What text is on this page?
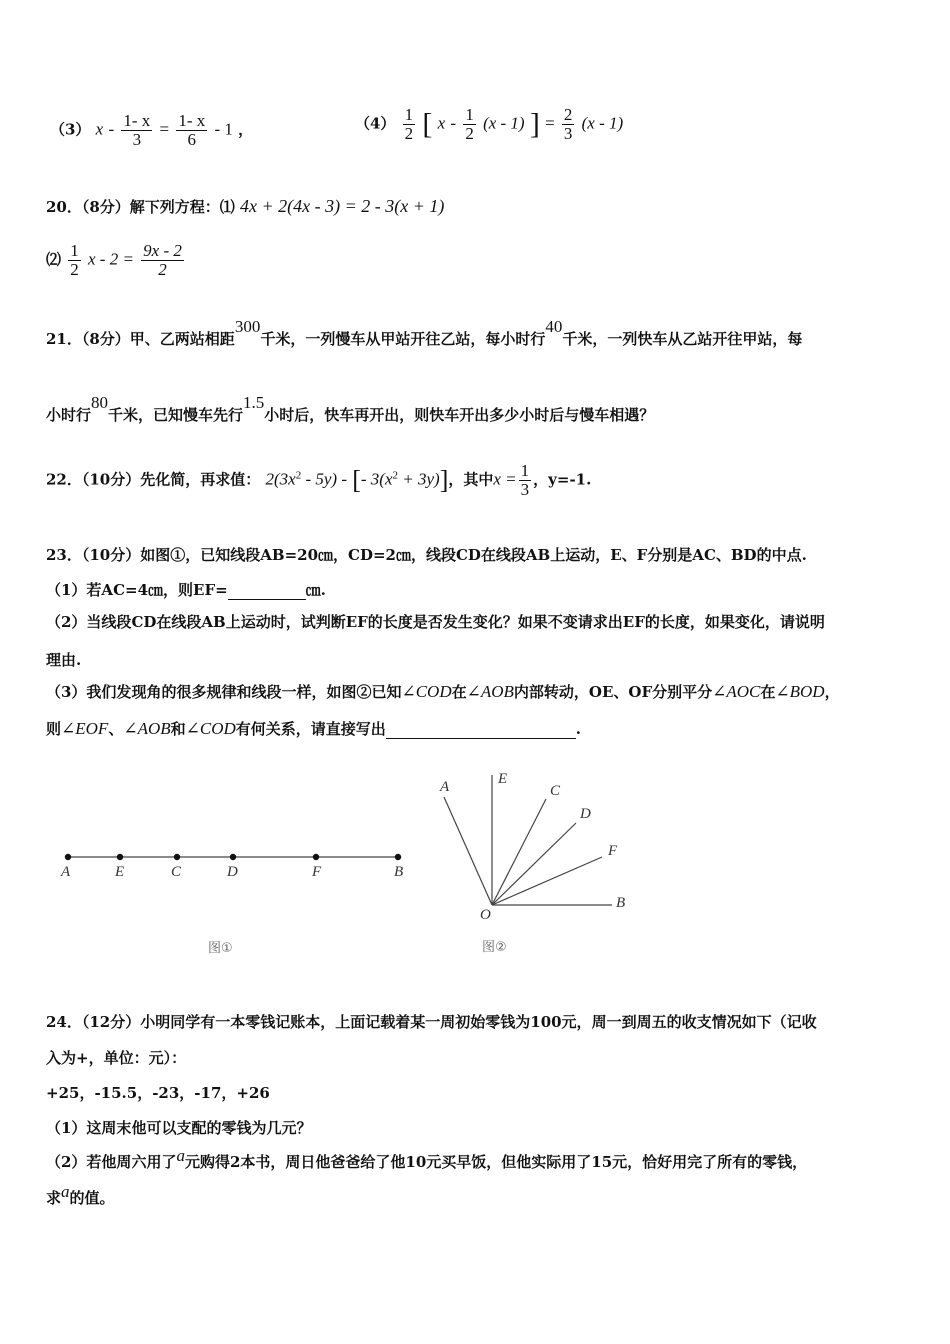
（3） $x - \frac{1- x}{3} = \frac{1- x}{6} - 1$ ，	$(4) \frac{1}{2}$ [ x - $\frac{1}{2} (x - 1)$ ] = $\frac{2}{3} (x - 1)$
20．（8分）解下列方程：⑴ 4x + 2(4x - 3) = 2 - 3(x + 1)
⑵ $\frac{1}{2}$ $x - 2 = \frac{9x - 2}{2}$
21．（8分）甲、乙两站相距300千米，一列慢车从甲站开往乙站，每小时行40千米，一列快车从乙站开往甲站，每
小时行80千米，已知慢车先行1.5小时后，快车再开出，则快车开出多少小时后与慢车相遇？
22．（10分）先化简，再求值： $2(3x^2 - 5y)$ - [- $3(x^2 + 3y)$]，其中$x = \frac{1}{3}$ ，y=-1.
23．（10分）如图①，已知线段AB=20㎝，CD=2㎝，线段CD在线段AB上运动，E、F分别是AC、BD的中点.
（1）若AC=4㎝，则EF=	㎝.
（2）当线段CD在线段AB上运动时，试判断EF的长度是否发生变化？如果不变请求出EF的长度，如果变化，请说明
理由.
（3）我们发现角的很多规律和线段一样，如图②已知∠COD在∠AOB内部转动，OE、OF分别平分∠AOC在∠BOD，
则∠EOF、∠AOB和∠COD有何关系，请直接写出	.
A	E	C	D	F	B
图①
A	E
C
D
F
B
O
图②
24．（12分）小明同学有一本零钱记账本，上面记载着某一周初始零钱为100元，周一到周五的收支情况如下（记收
入为+，单位：元）：
+25，-15.5，-23，-17，+26
（1）这周末他可以支配的零钱为几元？
（2）若他周六用了a元购得2本书，周日他爸爸给了他10元买早饭，但他实际用了15元，恰好用完了所有的零钱，
求a的值。
